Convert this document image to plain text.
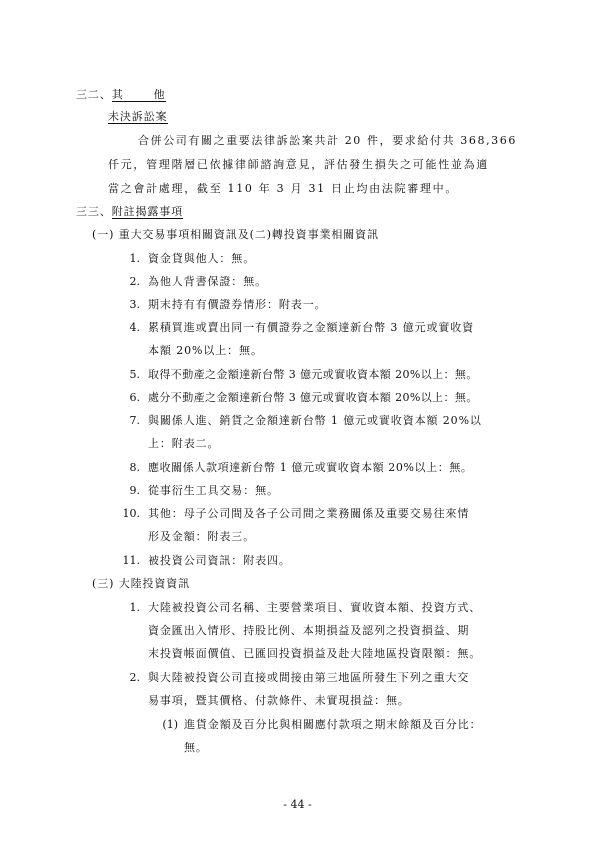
三二、其	他
未決訴訟案
合併公司有關之重要法律訴訟案共計 20 件，要求給付共 368,366
仟元，管理階層已依據律師諮詢意見，評估發生損失之可能性並為適
當之會計處理，截至 110 年 3 月 31 日止均由法院審理中。
三三、附註揭露事項
(一) 重大交易事項相關資訊及(二)轉投資事業相關資訊
1. 資金貸與他人：無。
2. 為他人背書保證：無。
3. 期末持有有價證券情形：附表一。
4. 累積買進或賣出同一有價證券之金額達新台幣 3 億元或實收資
本額 20%以上：無。
5. 取得不動產之金額達新台幣 3 億元或實收資本額 20%以上：無。
6. 處分不動產之金額達新台幣 3 億元或實收資本額 20%以上：無。
7. 與關係人進、銷貨之金額達新台幣 1 億元或實收資本額 20%以
上：附表二。
8. 應收關係人款項達新台幣 1 億元或實收資本額 20%以上：無。
9. 從事衍生工具交易：無。
10. 其他：母子公司間及各子公司間之業務關係及重要交易往來情
形及金額：附表三。
11. 被投資公司資訊：附表四。
(三) 大陸投資資訊
1. 大陸被投資公司名稱、主要營業項目、實收資本額、投資方式、
資金匯出入情形、持股比例、本期損益及認列之投資損益、期
末投資帳面價值、已匯回投資損益及赴大陸地區投資限額：無。
2. 與大陸被投資公司直接或間接由第三地區所發生下列之重大交
易事項，暨其價格、付款條件、未實現損益：無。
(1) 進貨金額及百分比與相關應付款項之期末餘額及百分比：
無。
- 44 -
